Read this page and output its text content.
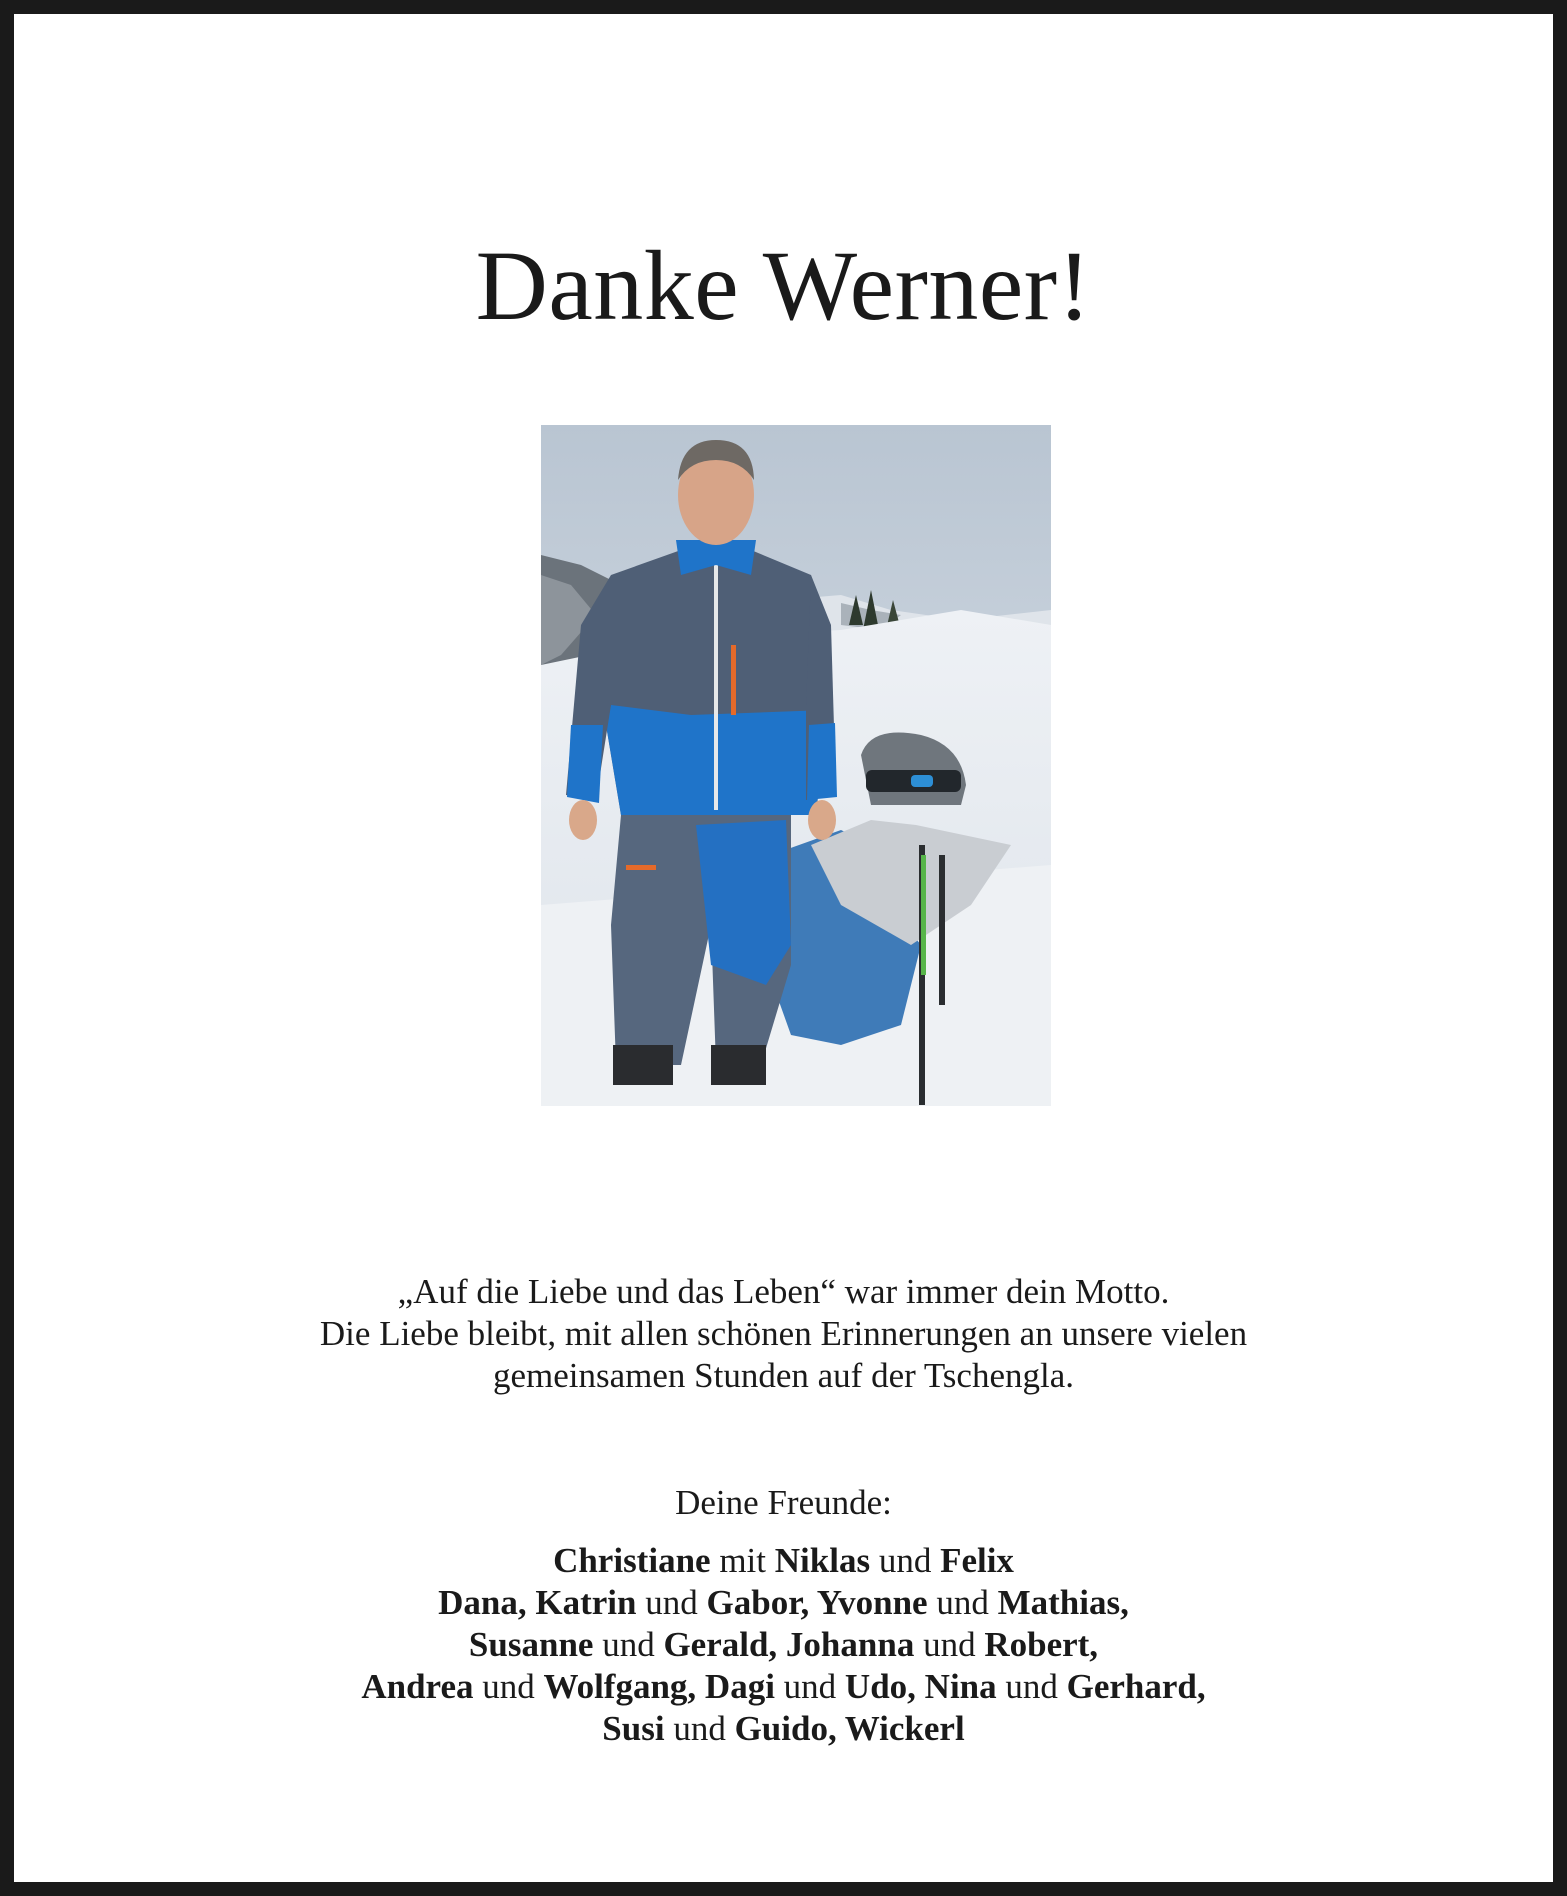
Danke Werner!
„Auf die Liebe und das Leben“ war immer dein Motto.
Die Liebe bleibt, mit allen schönen Erinnerungen an unsere vielen
gemeinsamen Stunden auf der Tschengla.
Deine Freunde:
Christiane mit Niklas und Felix
Dana, Katrin und Gabor, Yvonne und Mathias,
Susanne und Gerald, Johanna und Robert,
Andrea und Wolfgang, Dagi und Udo, Nina und Gerhard,
Susi und Guido, Wickerl
